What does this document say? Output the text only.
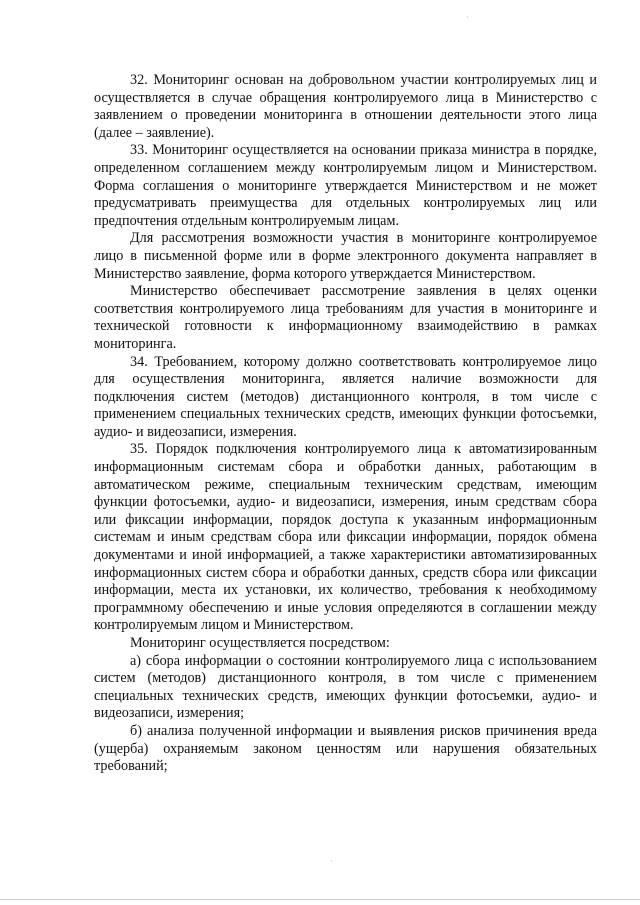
32. Мониторинг основан на добровольном участии контролируемых лиц и осуществляется в случае обращения контролируемого лица в Министерство с заявлением о проведении мониторинга в отношении деятельности этого лица (далее – заявление).

33. Мониторинг осуществляется на основании приказа министра в порядке, определенном соглашением между контролируемым лицом и Министерством. Форма соглашения о мониторинге утверждается Министерством и не может предусматривать преимущества для отдельных контролируемых лиц или предпочтения отдельным контролируемым лицам.

Для рассмотрения возможности участия в мониторинге контролируемое лицо в письменной форме или в форме электронного документа направляет в Министерство заявление, форма которого утверждается Министерством.

Министерство обеспечивает рассмотрение заявления в целях оценки соответствия контролируемого лица требованиям для участия в мониторинге и технической готовности к информационному взаимодействию в рамках мониторинга.

34. Требованием, которому должно соответствовать контролируемое лицо для осуществления мониторинга, является наличие возможности для подключения систем (методов) дистанционного контроля, в том числе с применением специальных технических средств, имеющих функции фотосъемки, аудио- и видеозаписи, измерения.

35. Порядок подключения контролируемого лица к автоматизированным информационным системам сбора и обработки данных, работающим в автоматическом режиме, специальным техническим средствам, имеющим функции фотосъемки, аудио- и видеозаписи, измерения, иным средствам сбора или фиксации информации, порядок доступа к указанным информационным системам и иным средствам сбора или фиксации информации, порядок обмена документами и иной информацией, а также характеристики автоматизированных информационных систем сбора и обработки данных, средств сбора или фиксации информации, места их установки, их количество, требования к необходимому программному обеспечению и иные условия определяются в соглашении между контролируемым лицом и Министерством.

Мониторинг осуществляется посредством:

а) сбора информации о состоянии контролируемого лица с использованием систем (методов) дистанционного контроля, в том числе с применением специальных технических средств, имеющих функции фотосъемки, аудио- и видеозаписи, измерения;

б) анализа полученной информации и выявления рисков причинения вреда (ущерба) охраняемым законом ценностям или нарушения обязательных требований;

·
·
